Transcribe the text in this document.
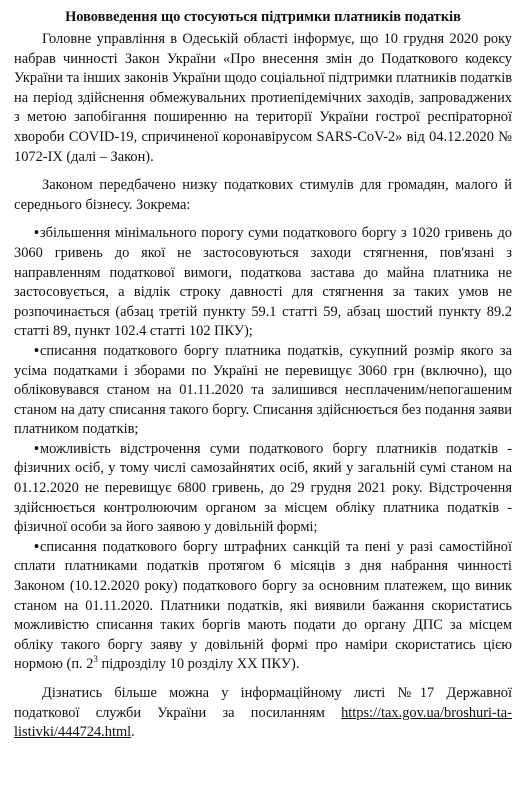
Нововведення що стосуються підтримки платників податків

Головне управління в Одеській області інформує, що 10 грудня 2020 року набрав чинності Закон України «Про внесення змін до Податкового кодексу України та інших законів України щодо соціальної підтримки платників податків на період здійснення обмежувальних протиепідемічних заходів, запроваджених з метою запобігання поширенню на території України гострої респіраторної хвороби COVID-19, спричиненої коронавірусом SARS-CoV-2» від 04.12.2020 № 1072-IX (далі – Закон).

Законом передбачено низку податкових стимулів для громадян, малого й середнього бізнесу. Зокрема:

•збільшення мінімального порогу суми податкового боргу з 1020 гривень до 3060 гривень до якої не застосовуються заходи стягнення, пов'язані з направленням податкової вимоги, податкова застава до майна платника не застосовується, а відлік строку давності для стягнення за таких умов не розпочинається (абзац третій пункту 59.1 статті 59, абзац шостий пункту 89.2 статті 89, пункт 102.4 статті 102 ПКУ);

•списання податкового боргу платника податків, сукупний розмір якого за усіма податками і зборами по Україні не перевищує 3060 грн (включно), що обліковувався станом на 01.11.2020 та залишився несплаченим/непогашеним станом на дату списання такого боргу. Списання здійснюється без подання заяви платником податків;

•можливість відстрочення суми податкового боргу платників податків - фізичних осіб, у тому числі самозайнятих осіб, який у загальній сумі станом на 01.12.2020 не перевищує 6800 гривень, до 29 грудня 2021 року. Відстрочення здійснюється контролюючим органом за місцем обліку платника податків - фізичної особи за його заявою у довільній формі;

•списання податкового боргу штрафних санкцій та пені у разі самостійної сплати платниками податків протягом 6 місяців з дня набрання чинності Законом (10.12.2020 року) податкового боргу за основним платежем, що виник станом на 01.11.2020. Платники податків, які виявили бажання скористатись можливістю списання таких боргів мають подати до органу ДПС за місцем обліку такого боргу заяву у довільній формі про наміри скористатись цією нормою (п. $2^3$ підрозділу 10 розділу XX ПКУ).

Дізнатись більше можна у інформаційному листі №17 Державної податкової служби України за посиланням https://tax.gov.ua/broshuri-ta-listivki/444724.html.
